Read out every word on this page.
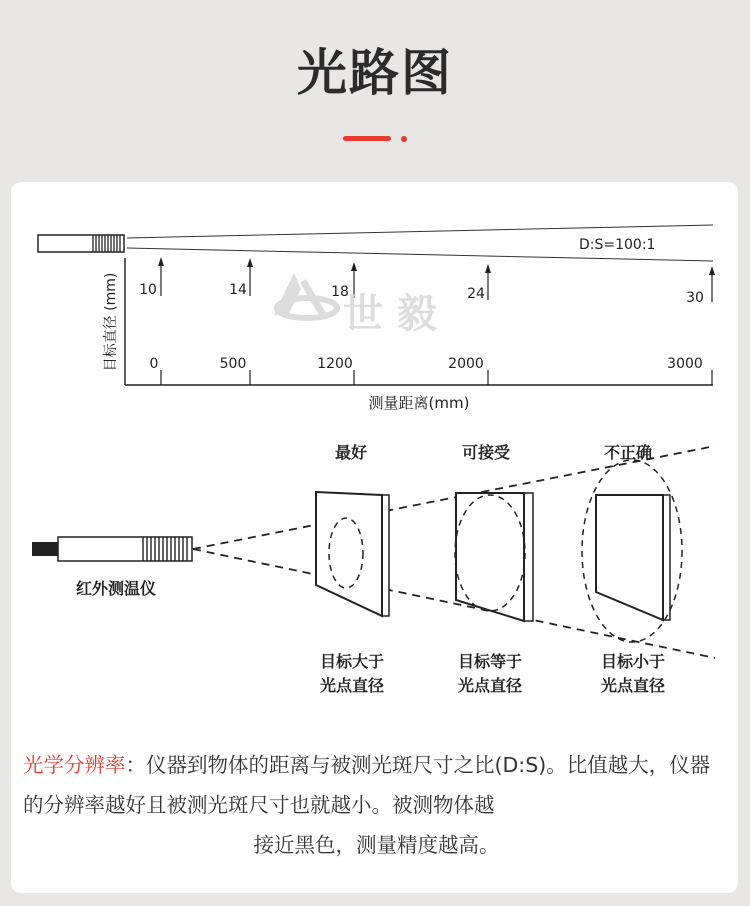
光路图
D:S=100:1
目标直径 (mm)
测量距离(mm)
10
0
14
500
18
1200
24
2000
30
3000
世 毅
红外测温仪
最好
目标大于
光点直径
可接受
目标等于
光点直径
不正确
目标小于
光点直径
光学分辨率：仪器到物体的距离与被测光斑尺寸之比(D:S)。比值越大，仪器的分辨率越好且被测光斑尺寸也就越小。被测物体越
接近黑色，测量精度越高。
